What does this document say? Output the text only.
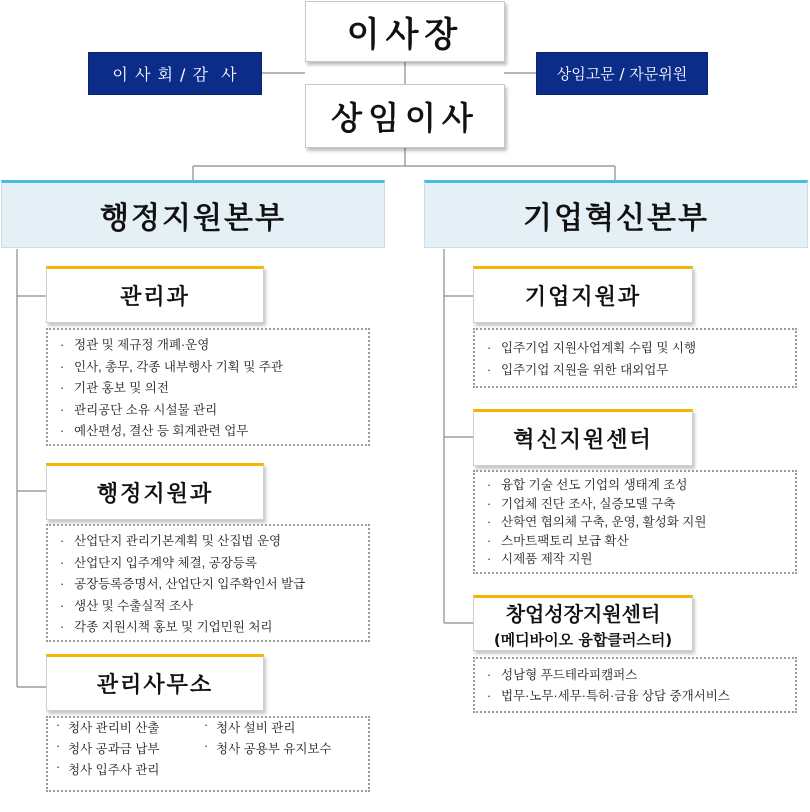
이사장
상임이사
이 사 회 / 감  사	상임고문 / 자문위원
행정지원본부	기업혁신본부
관리과
· 정관 및 제규정 개폐·운영
· 인사, 총무, 각종 내부행사 기획 및 주관
· 기관 홍보 및 의전
· 관리공단 소유 시설물 관리
· 예산편성, 결산 등 회계관련 업무
행정지원과
· 산업단지 관리기본계획 및 산집법 운영
· 산업단지 입주계약 체결, 공장등록
· 공장등록증명서, 산업단지 입주확인서 발급
· 생산 및 수출실적 조사
· 각종 지원시책 홍보 및 기업민원 처리
관리사무소
· 청사 관리비 산출	· 청사 설비 관리
· 청사 공과금 납부	· 청사 공용부 유지보수
· 청사 입주사 관리
기업지원과
· 입주기업 지원사업계획 수립 및 시행
· 입주기업 지원을 위한 대외업무
혁신지원센터
· 융합 기술 선도 기업의 생태계 조성
· 기업체 진단 조사, 실증모델 구축
· 산학연 협의체 구축, 운영, 활성화 지원
· 스마트팩토리 보급 확산
· 시제품 제작 지원
창업성장지원센터
(메디바이오 융합클러스터)
· 성남형 푸드테라피캠퍼스
· 법무·노무·세무·특허·금융 상담 중개서비스
